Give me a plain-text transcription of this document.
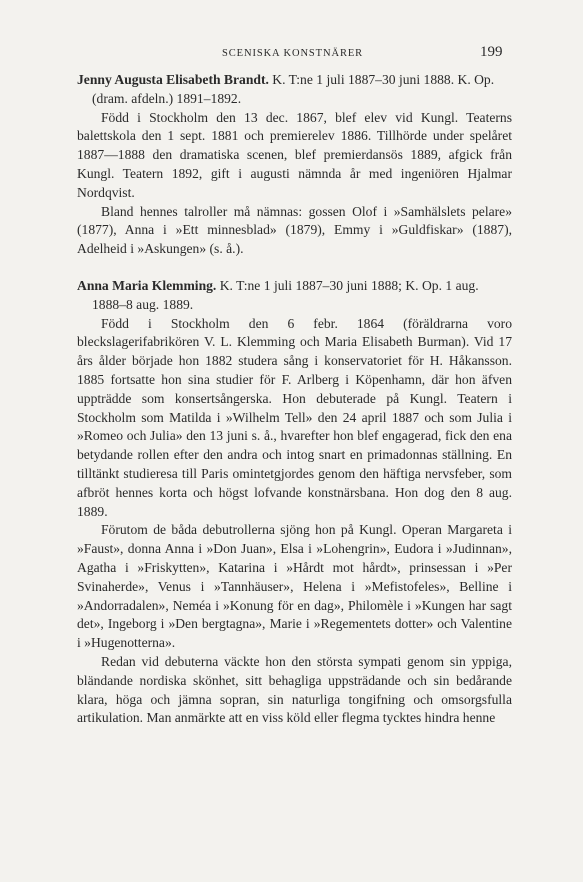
SCENISKA KONSTNÄRER	199

Jenny Augusta Elisabeth Brandt. K. T:ne 1 juli 1887–30 juni 1888. K. Op. (dram. afdeln.) 1891–1892.

Född i Stockholm den 13 dec. 1867, blef elev vid Kungl. Teaterns balettskola den 1 sept. 1881 och premierelev 1886. Tillhörde under spelåret 1887—1888 den dramatiska scenen, blef premierdansös 1889, afgick från Kungl. Teatern 1892, gift i augusti nämnda år med ingeniören Hjalmar Nordqvist.

Bland hennes talroller må nämnas: gossen Olof i »Samhälslets pelare» (1877), Anna i »Ett minnesblad» (1879), Emmy i »Guldfiskar» (1887), Adelheid i »Askungen» (s. å.).

Anna Maria Klemming. K. T:ne 1 juli 1887–30 juni 1888; K. Op. 1 aug. 1888–8 aug. 1889.

Född i Stockholm den 6 febr. 1864 (föräldrarna voro bleckslagerifabrikören V. L. Klemming och Maria Elisabeth Burman). Vid 17 års ålder började hon 1882 studera sång i konservatoriet för H. Håkansson. 1885 fortsatte hon sina studier för F. Arlberg i Köpenhamn, där hon äfven uppträdde som konsertsångerska. Hon debuterade på Kungl. Teatern i Stockholm som Matilda i »Wilhelm Tell» den 24 april 1887 och som Julia i »Romeo och Julia» den 13 juni s. å., hvarefter hon blef engagerad, fick den ena betydande rollen efter den andra och intog snart en primadonnas ställning. En tilltänkt studieresa till Paris omintetgjordes genom den häftiga nervsfeber, som afbröt hennes korta och högst lofvande konstnärsbana. Hon dog den 8 aug. 1889.

Förutom de båda debutrollerna sjöng hon på Kungl. Operan Margareta i »Faust», donna Anna i »Don Juan», Elsa i »Lohengrin», Eudora i »Judinnan», Agatha i »Friskytten», Katarina i »Hårdt mot hårdt», prinsessan i »Per Svinaherde», Venus i »Tannhäuser», Helena i »Mefistofeles», Belline i »Andorradalen», Neméa i »Konung för en dag», Philomèle i »Kungen har sagt det», Ingeborg i »Den bergtagna», Marie i »Regementets dotter» och Valentine i »Hugenotterna».

Redan vid debuterna väckte hon den största sympati genom sin yppiga, bländande nordiska skönhet, sitt behagliga uppsträdande och sin bedårande klara, höga och jämna sopran, sin naturliga tongifning och omsorgsfulla artikulation. Man anmärkte att en viss köld eller flegma tycktes hindra henne
